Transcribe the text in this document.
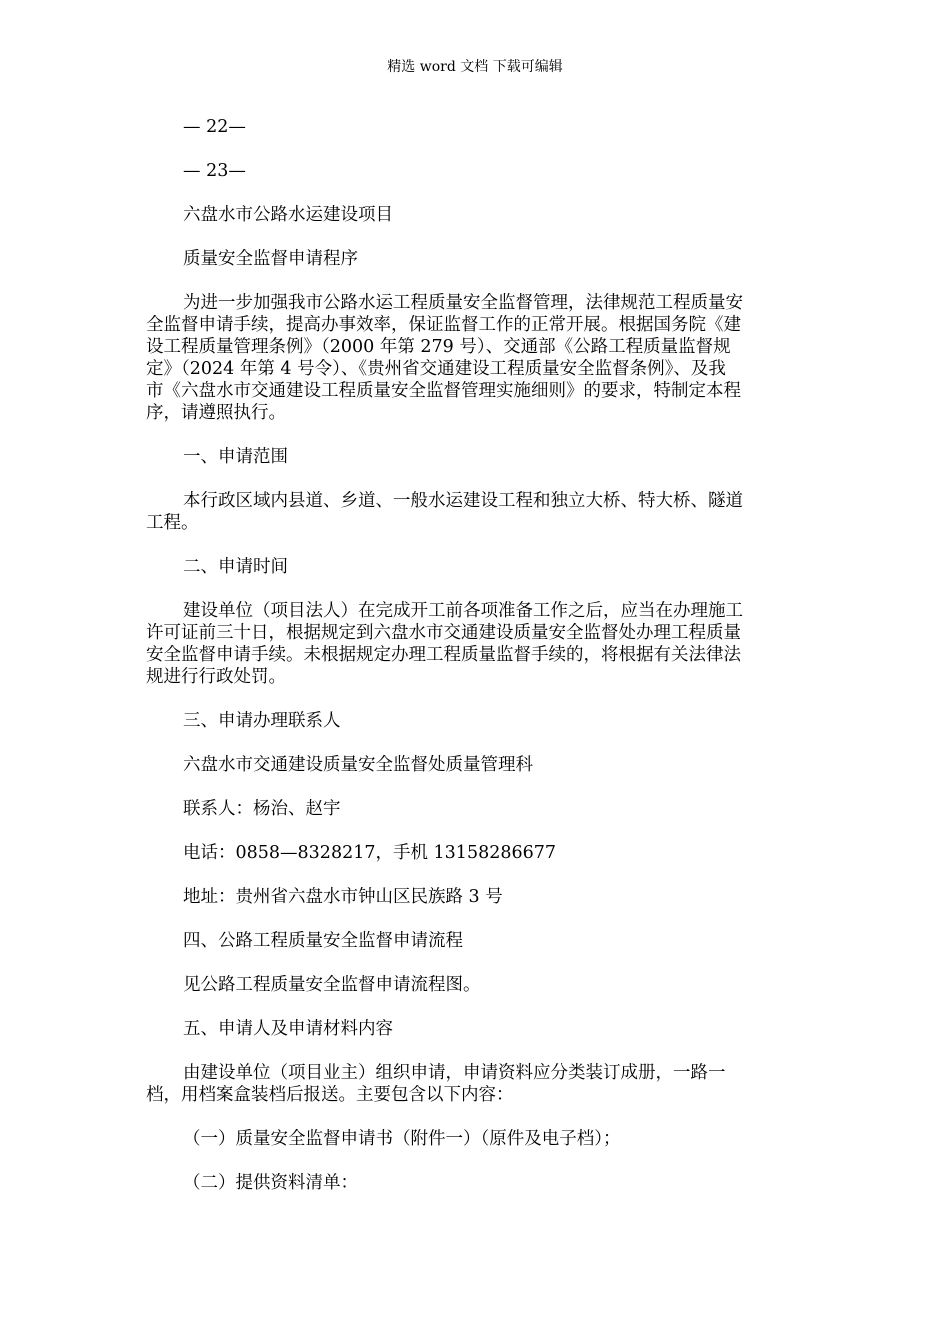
精选 word 文档 下载可编辑

— 22—

— 23—

六盘水市公路水运建设项目

质量安全监督申请程序

为进一步加强我市公路水运工程质量安全监督管理，法律规范工程质量安
全监督申请手续，提高办事效率，保证监督工作的正常开展。根据国务院《建
设工程质量管理条例》（2000 年第 279 号）、交通部《公路工程质量监督规
定》（2024 年第 4 号令）、《贵州省交通建设工程质量安全监督条例》、及我
市《六盘水市交通建设工程质量安全监督管理实施细则》的要求，特制定本程
序，请遵照执行。

一、申请范围

本行政区域内县道、乡道、一般水运建设工程和独立大桥、特大桥、隧道
工程。

二、申请时间

建设单位（项目法人）在完成开工前各项准备工作之后，应当在办理施工
许可证前三十日，根据规定到六盘水市交通建设质量安全监督处办理工程质量
安全监督申请手续。未根据规定办理工程质量监督手续的，将根据有关法律法
规进行行政处罚。

三、申请办理联系人

六盘水市交通建设质量安全监督处质量管理科

联系人：杨治、赵宇

电话：0858—8328217，手机 13158286677

地址：贵州省六盘水市钟山区民族路 3 号

四、公路工程质量安全监督申请流程

见公路工程质量安全监督申请流程图。

五、申请人及申请材料内容

由建设单位（项目业主）组织申请，申请资料应分类装订成册，一路一
档，用档案盒装档后报送。主要包含以下内容：

（一）质量安全监督申请书（附件一）（原件及电子档）；

（二）提供资料清单：
